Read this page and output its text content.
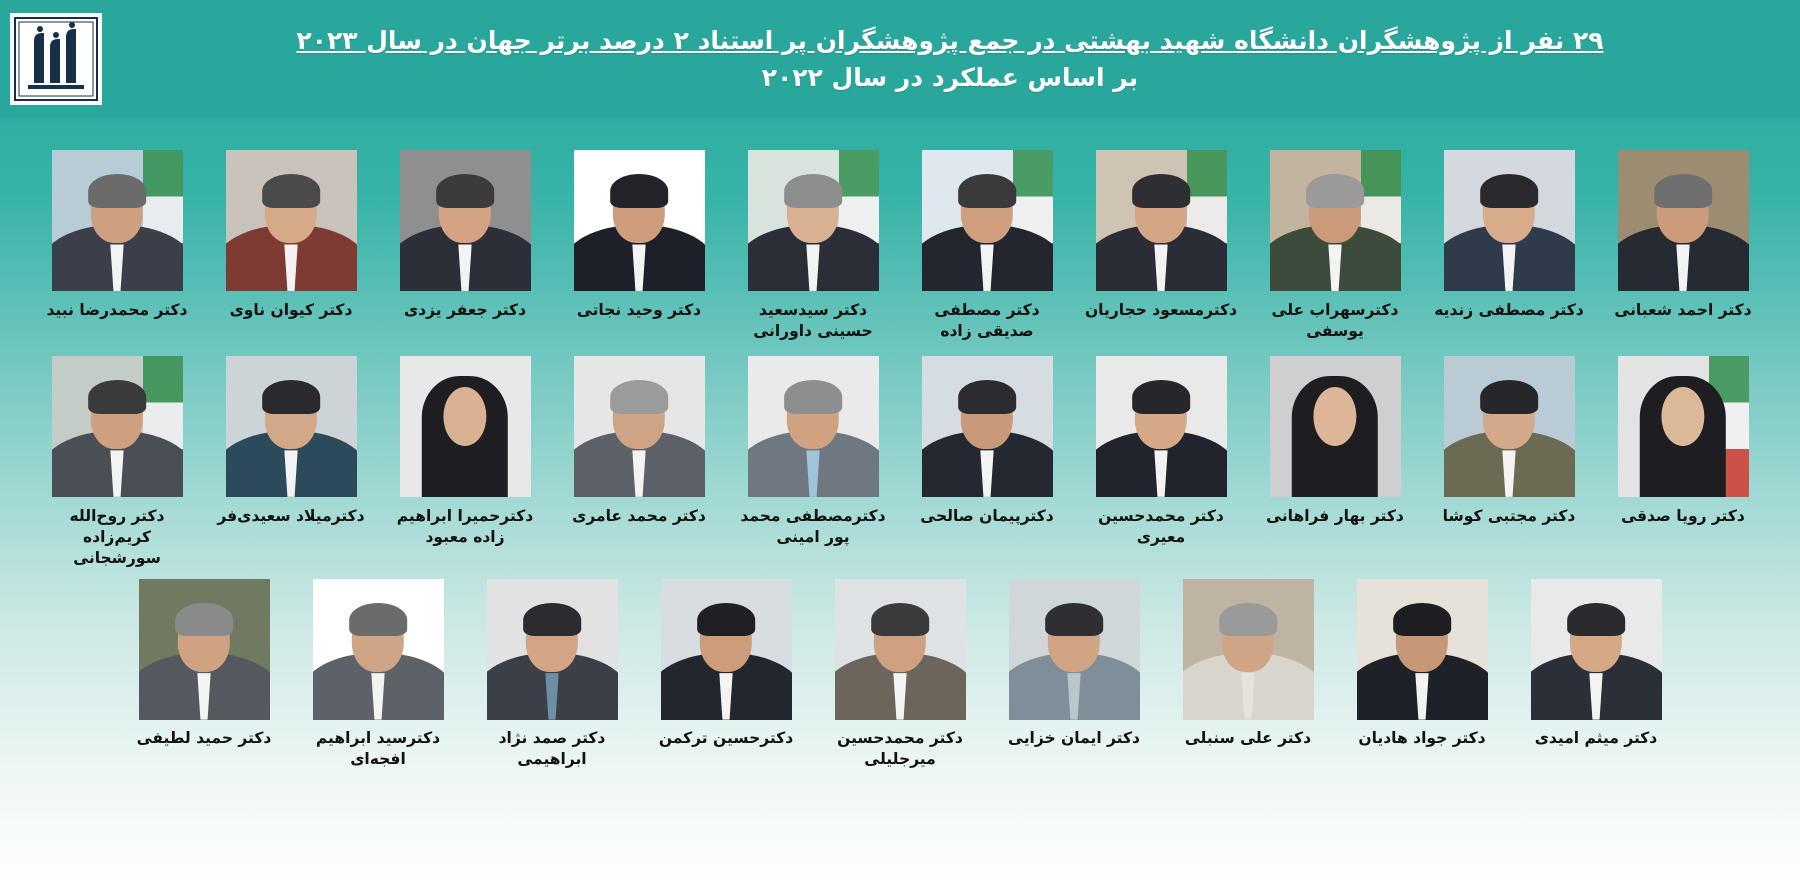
۲۹ نفر از پژوهشگران دانشگاه شهید بهشتی در جمع پژوهشگران پر استناد ۲ درصد برتر جهان در سال ۲۰۲۳
بر اساس عملکرد در سال ۲۰۲۲
دکتر محمدرضا نبید	دکتر کیوان ناوی	دکتر جعفر یزدی	دکتر وحید نجاتی	دکتر سیدسعید حسینی داورانی
دکتر مصطفی صدیقی زاده
دکترمسعود حجاریان	دکترسهراب علی یوسفی
دکتر مصطفی زندیه	دکتر احمد شعبانی
دکتر روح‌الله کریم‌زاده سورشجانی
دکترمیلاد سعیدی‌فر	دکترحمیرا ابراهیم زاده معبود
دکتر محمد عامری	دکترمصطفی محمد پور امینی
دکترپیمان صالحی	دکتر محمدحسین معیری
دکتر بهار فراهانی	دکتر مجتبی کوشا	دکتر رویا صدقی
دکتر حمید لطیفی	دکترسید ابراهیم افجه‌ای
دکتر صمد نژاد ابراهیمی
دکترحسین ترکمن	دکتر محمدحسین میرجلیلی
دکتر ایمان خزایی	دکتر علی سنبلی	دکتر جواد هادیان	دکتر میثم امیدی
